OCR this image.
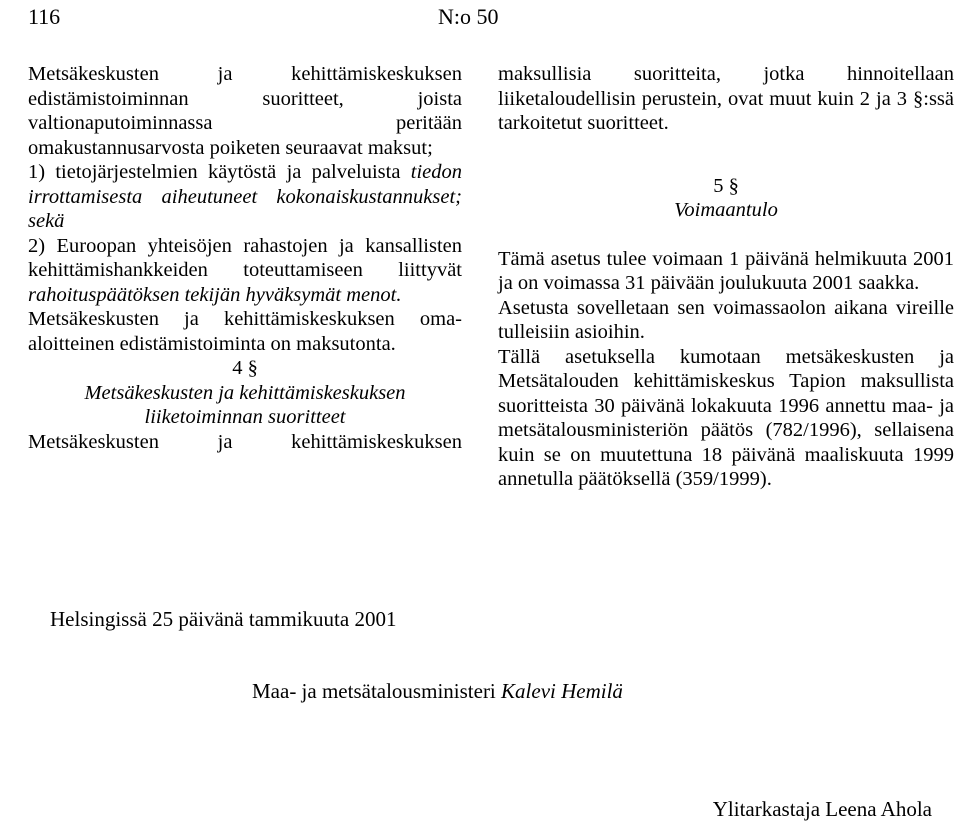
116	N:o 50

Metsäkeskusten ja kehittämiskeskuksen edistämistoiminnan suoritteet, joista valtionaputoiminnassa peritään omakustannusarvosta poiketen seuraavat maksut;

1) tietojärjestelmien käytöstä ja palveluista tiedon irrottamisesta aiheutuneet kokonaiskustannukset; sekä

2) Euroopan yhteisöjen rahastojen ja kansallisten kehittämishankkeiden toteuttamiseen liittyvät rahoituspäätöksen tekijän hyväksymät menot.

Metsäkeskusten ja kehittämiskeskuksen oma-aloitteinen edistämistoiminta on maksutonta.

4 §

Metsäkeskusten ja kehittämiskeskuksen

liiketoiminnan suoritteet

Metsäkeskusten ja kehittämiskeskuksen

maksullisia suoritteita, jotka hinnoitellaan liiketaloudellisin perustein, ovat muut kuin 2 ja 3 §:ssä tarkoitetut suoritteet.

5 §

Voimaantulo

Tämä asetus tulee voimaan 1 päivänä helmikuuta 2001 ja on voimassa 31 päivään joulukuuta 2001 saakka.

Asetusta sovelletaan sen voimassaolon aikana vireille tulleisiin asioihin.

Tällä asetuksella kumotaan metsäkeskusten ja Metsätalouden kehittämiskeskus Tapion maksullista suoritteista 30 päivänä lokakuuta 1996 annettu maa- ja metsätalousministeriön päätös (782/1996), sellaisena kuin se on muutettuna 18 päivänä maaliskuuta 1999 annetulla päätöksellä (359/1999).

Helsingissä 25 päivänä tammikuuta 2001
Maa- ja metsätalousministeri Kalevi Hemilä
Ylitarkastaja Leena Ahola
